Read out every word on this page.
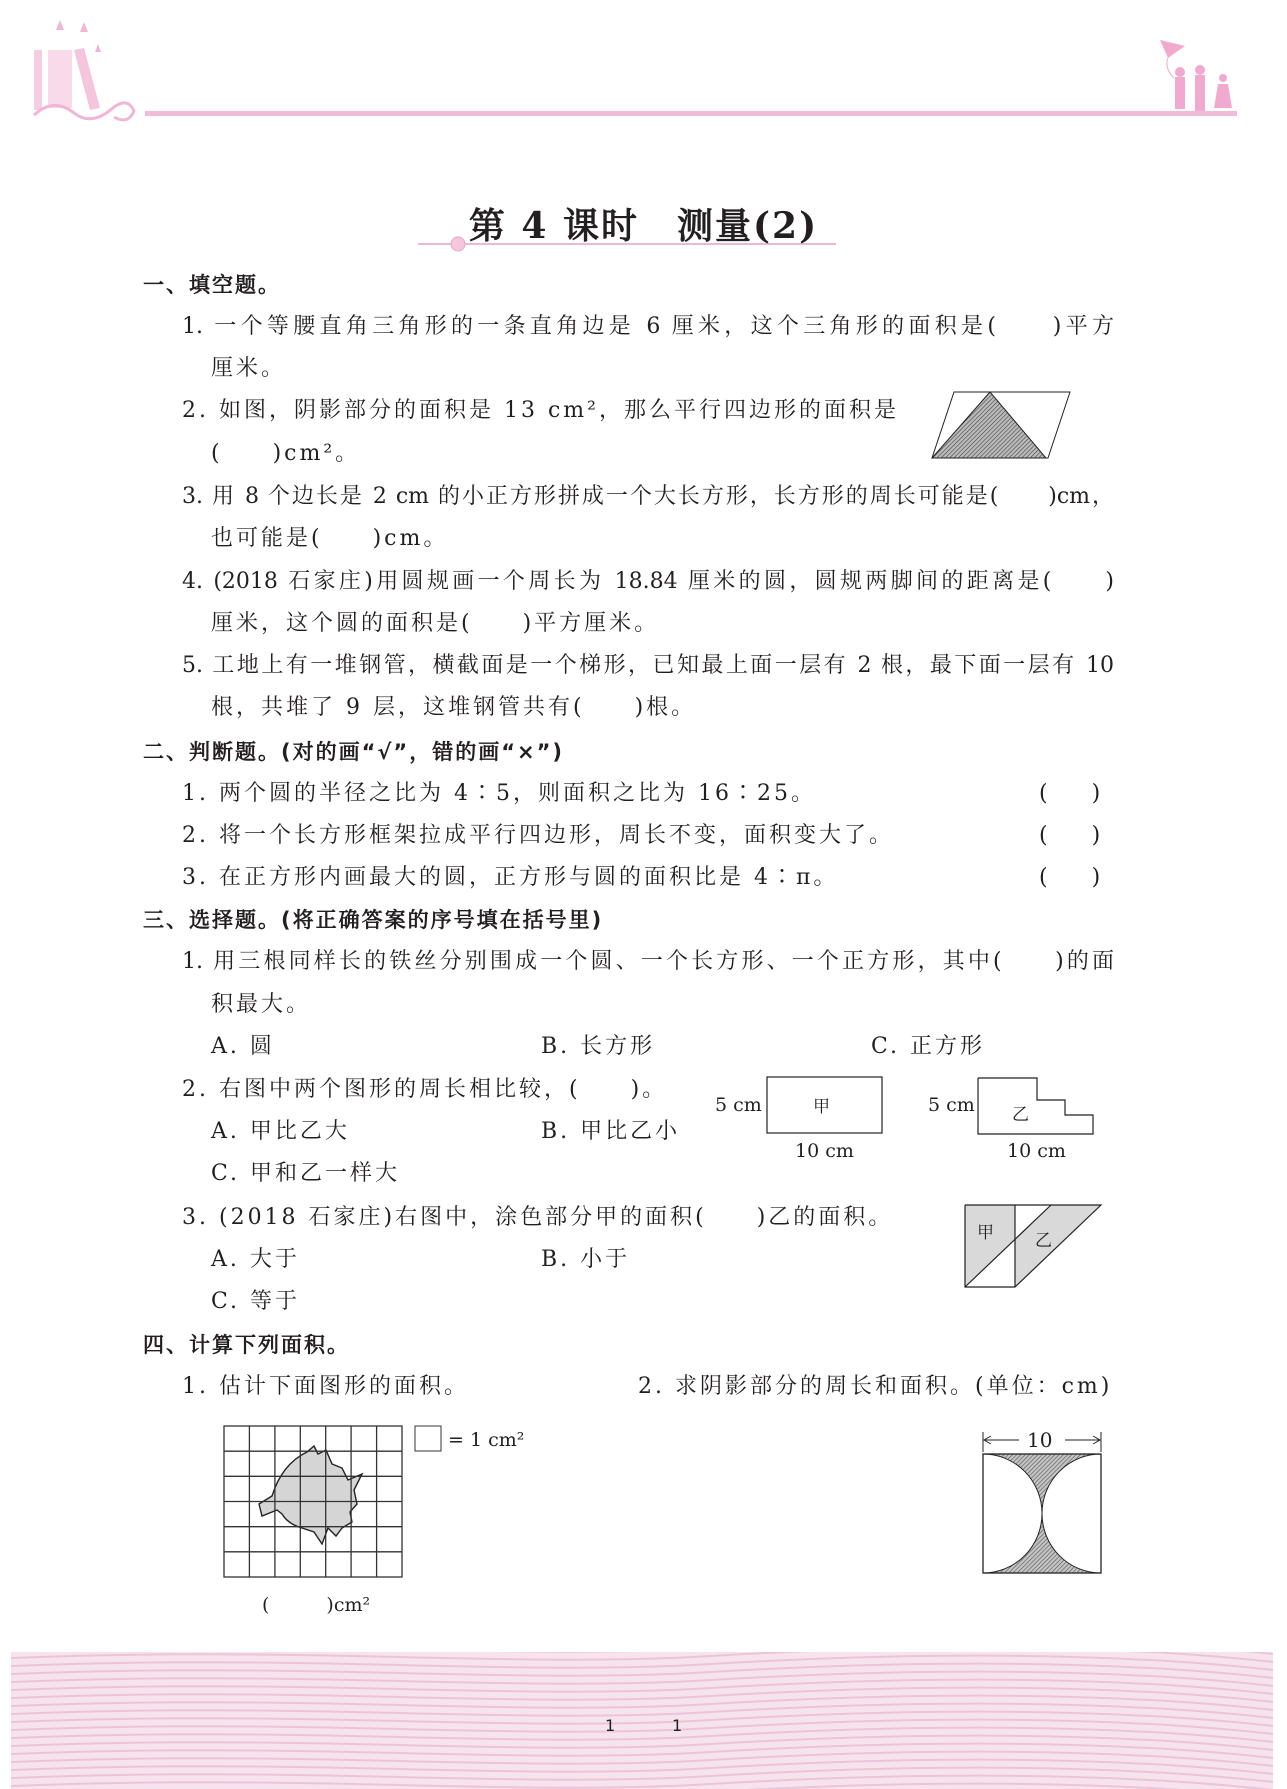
第 4 课时　测量(2)
一、填空题。
1. 一个等腰直角三角形的一条直角边是 6 厘米，这个三角形的面积是(　　)平方
厘米。
2. 如图，阴影部分的面积是 13 cm²，那么平行四边形的面积是
(　　)cm²。
3. 用 8 个边长是 2 cm 的小正方形拼成一个大长方形，长方形的周长可能是(　　)cm，
也可能是(　　)cm。
4. (2018 石家庄)用圆规画一个周长为 18.84 厘米的圆，圆规两脚间的距离是(　　)
厘米，这个圆的面积是(　　)平方厘米。
5. 工地上有一堆钢管，横截面是一个梯形，已知最上面一层有 2 根，最下面一层有 10
根，共堆了 9 层，这堆钢管共有(　　)根。
二、判断题。(对的画“√”，错的画“×”)
1. 两个圆的半径之比为 4∶5，则面积之比为 16∶25。	(　　)
2. 将一个长方形框架拉成平行四边形，周长不变，面积变大了。	(　　)
3. 在正方形内画最大的圆，正方形与圆的面积比是 4∶π。	(　　)
三、选择题。(将正确答案的序号填在括号里)
1. 用三根同样长的铁丝分别围成一个圆、一个长方形、一个正方形，其中(　　)的面
积最大。
A. 圆	B. 长方形	C. 正方形
2. 右图中两个图形的周长相比较，(　　)。
A. 甲比乙大	B. 甲比乙小
C. 甲和乙一样大
5 cm	甲
10 cm
5 cm 乙
10 cm
3. (2018 石家庄)右图中，涂色部分甲的面积(　　)乙的面积。
A. 大于	B. 小于
C. 等于
甲 乙
四、计算下列面积。
1. 估计下面图形的面积。	2. 求阴影部分的周长和面积。(单位：cm)
= 1 cm²
(　　　)cm²
10
1	1
